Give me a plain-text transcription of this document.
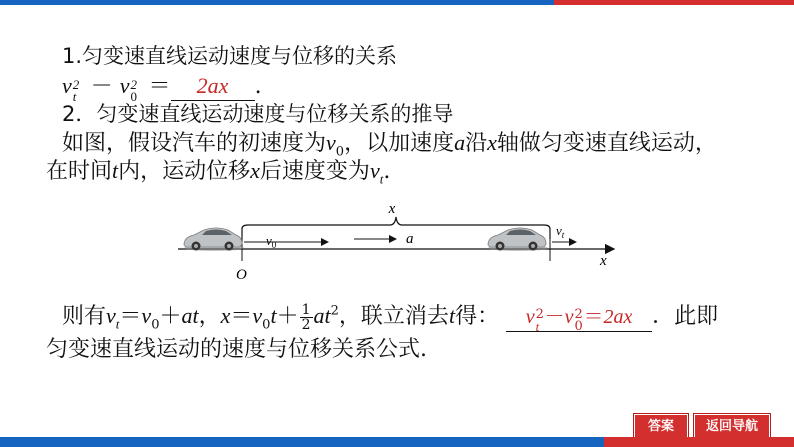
1.匀变速直线运动速度与位移的关系
v 2
t － v 2
0 ＝ 2ax .
2．匀变速直线运动速度与位移关系的推导
如图，假设汽车的初速度为$v_0$，以加速度a沿x轴做匀变速直线运动，
在时间t内，运动位移x后速度变为$v_t$.
x
x
O
$v_0$	a
$v_t$
则有$v_t=v_0+at$，$x=v_0t+ \frac{1}{2} at^2$，联立消去t得： v 2
t －v 2
0 ＝2ax ．此即
匀变速直线运动的速度与位移关系公式.
答案	返回导航
